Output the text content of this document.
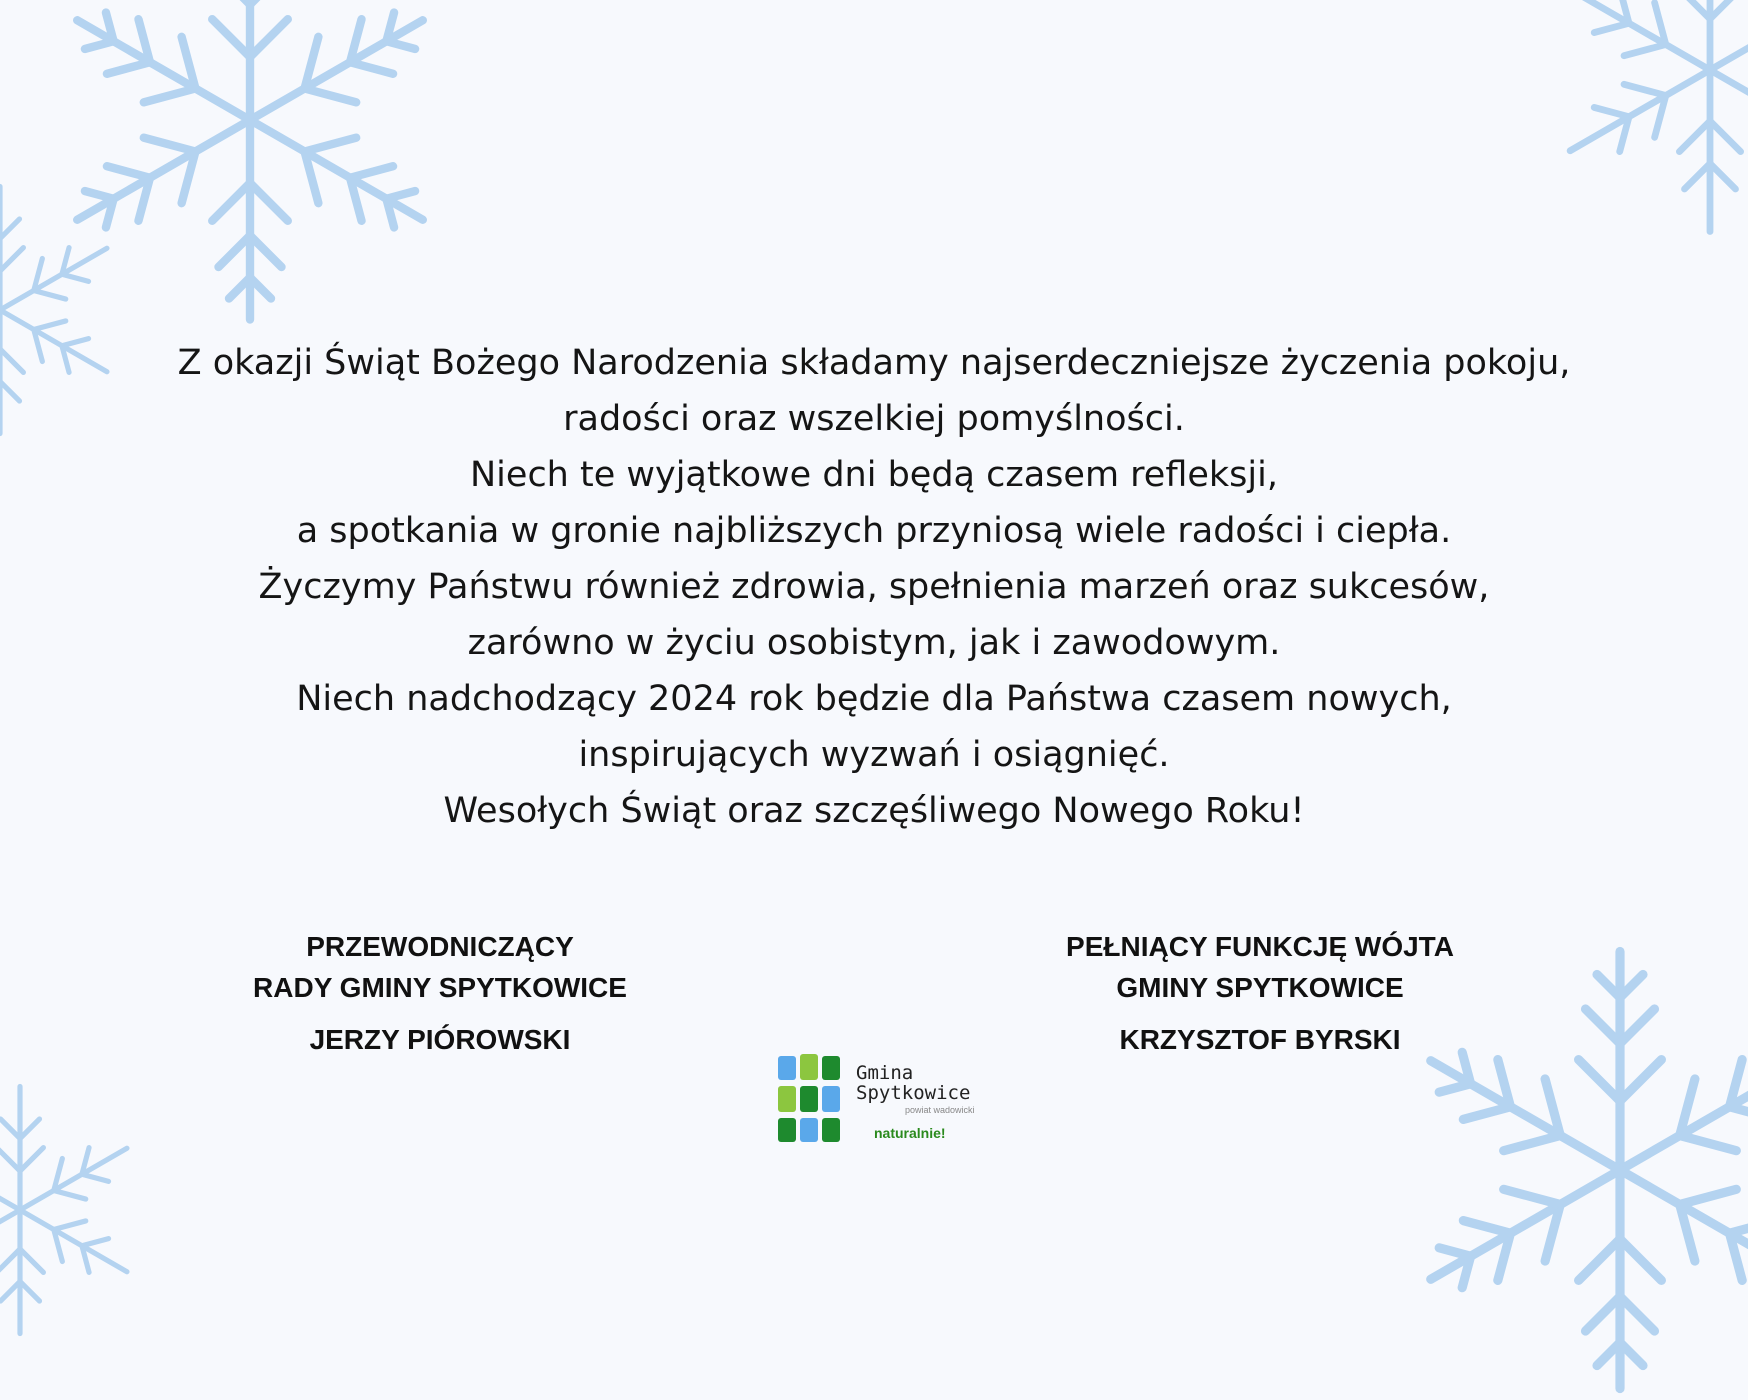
Z okazji Świąt Bożego Narodzenia składamy najserdeczniejsze życzenia pokoju,
radości oraz wszelkiej pomyślności.
Niech te wyjątkowe dni będą czasem refleksji,
a spotkania w gronie najbliższych przyniosą wiele radości i ciepła.
Życzymy Państwu również zdrowia, spełnienia marzeń oraz sukcesów,
zarówno w życiu osobistym, jak i zawodowym.
Niech nadchodzący 2024 rok będzie dla Państwa czasem nowych,
inspirujących wyzwań i osiągnięć.
Wesołych Świąt oraz szczęśliwego Nowego Roku!
PRZEWODNICZĄCY
RADY GMINY SPYTKOWICE
JERZY PIÓROWSKI
PEŁNIĄCY FUNKCJĘ WÓJTA
GMINY SPYTKOWICE
KRZYSZTOF BYRSKI
Gmina
Spytkowice
powiat wadowicki
naturalnie!
